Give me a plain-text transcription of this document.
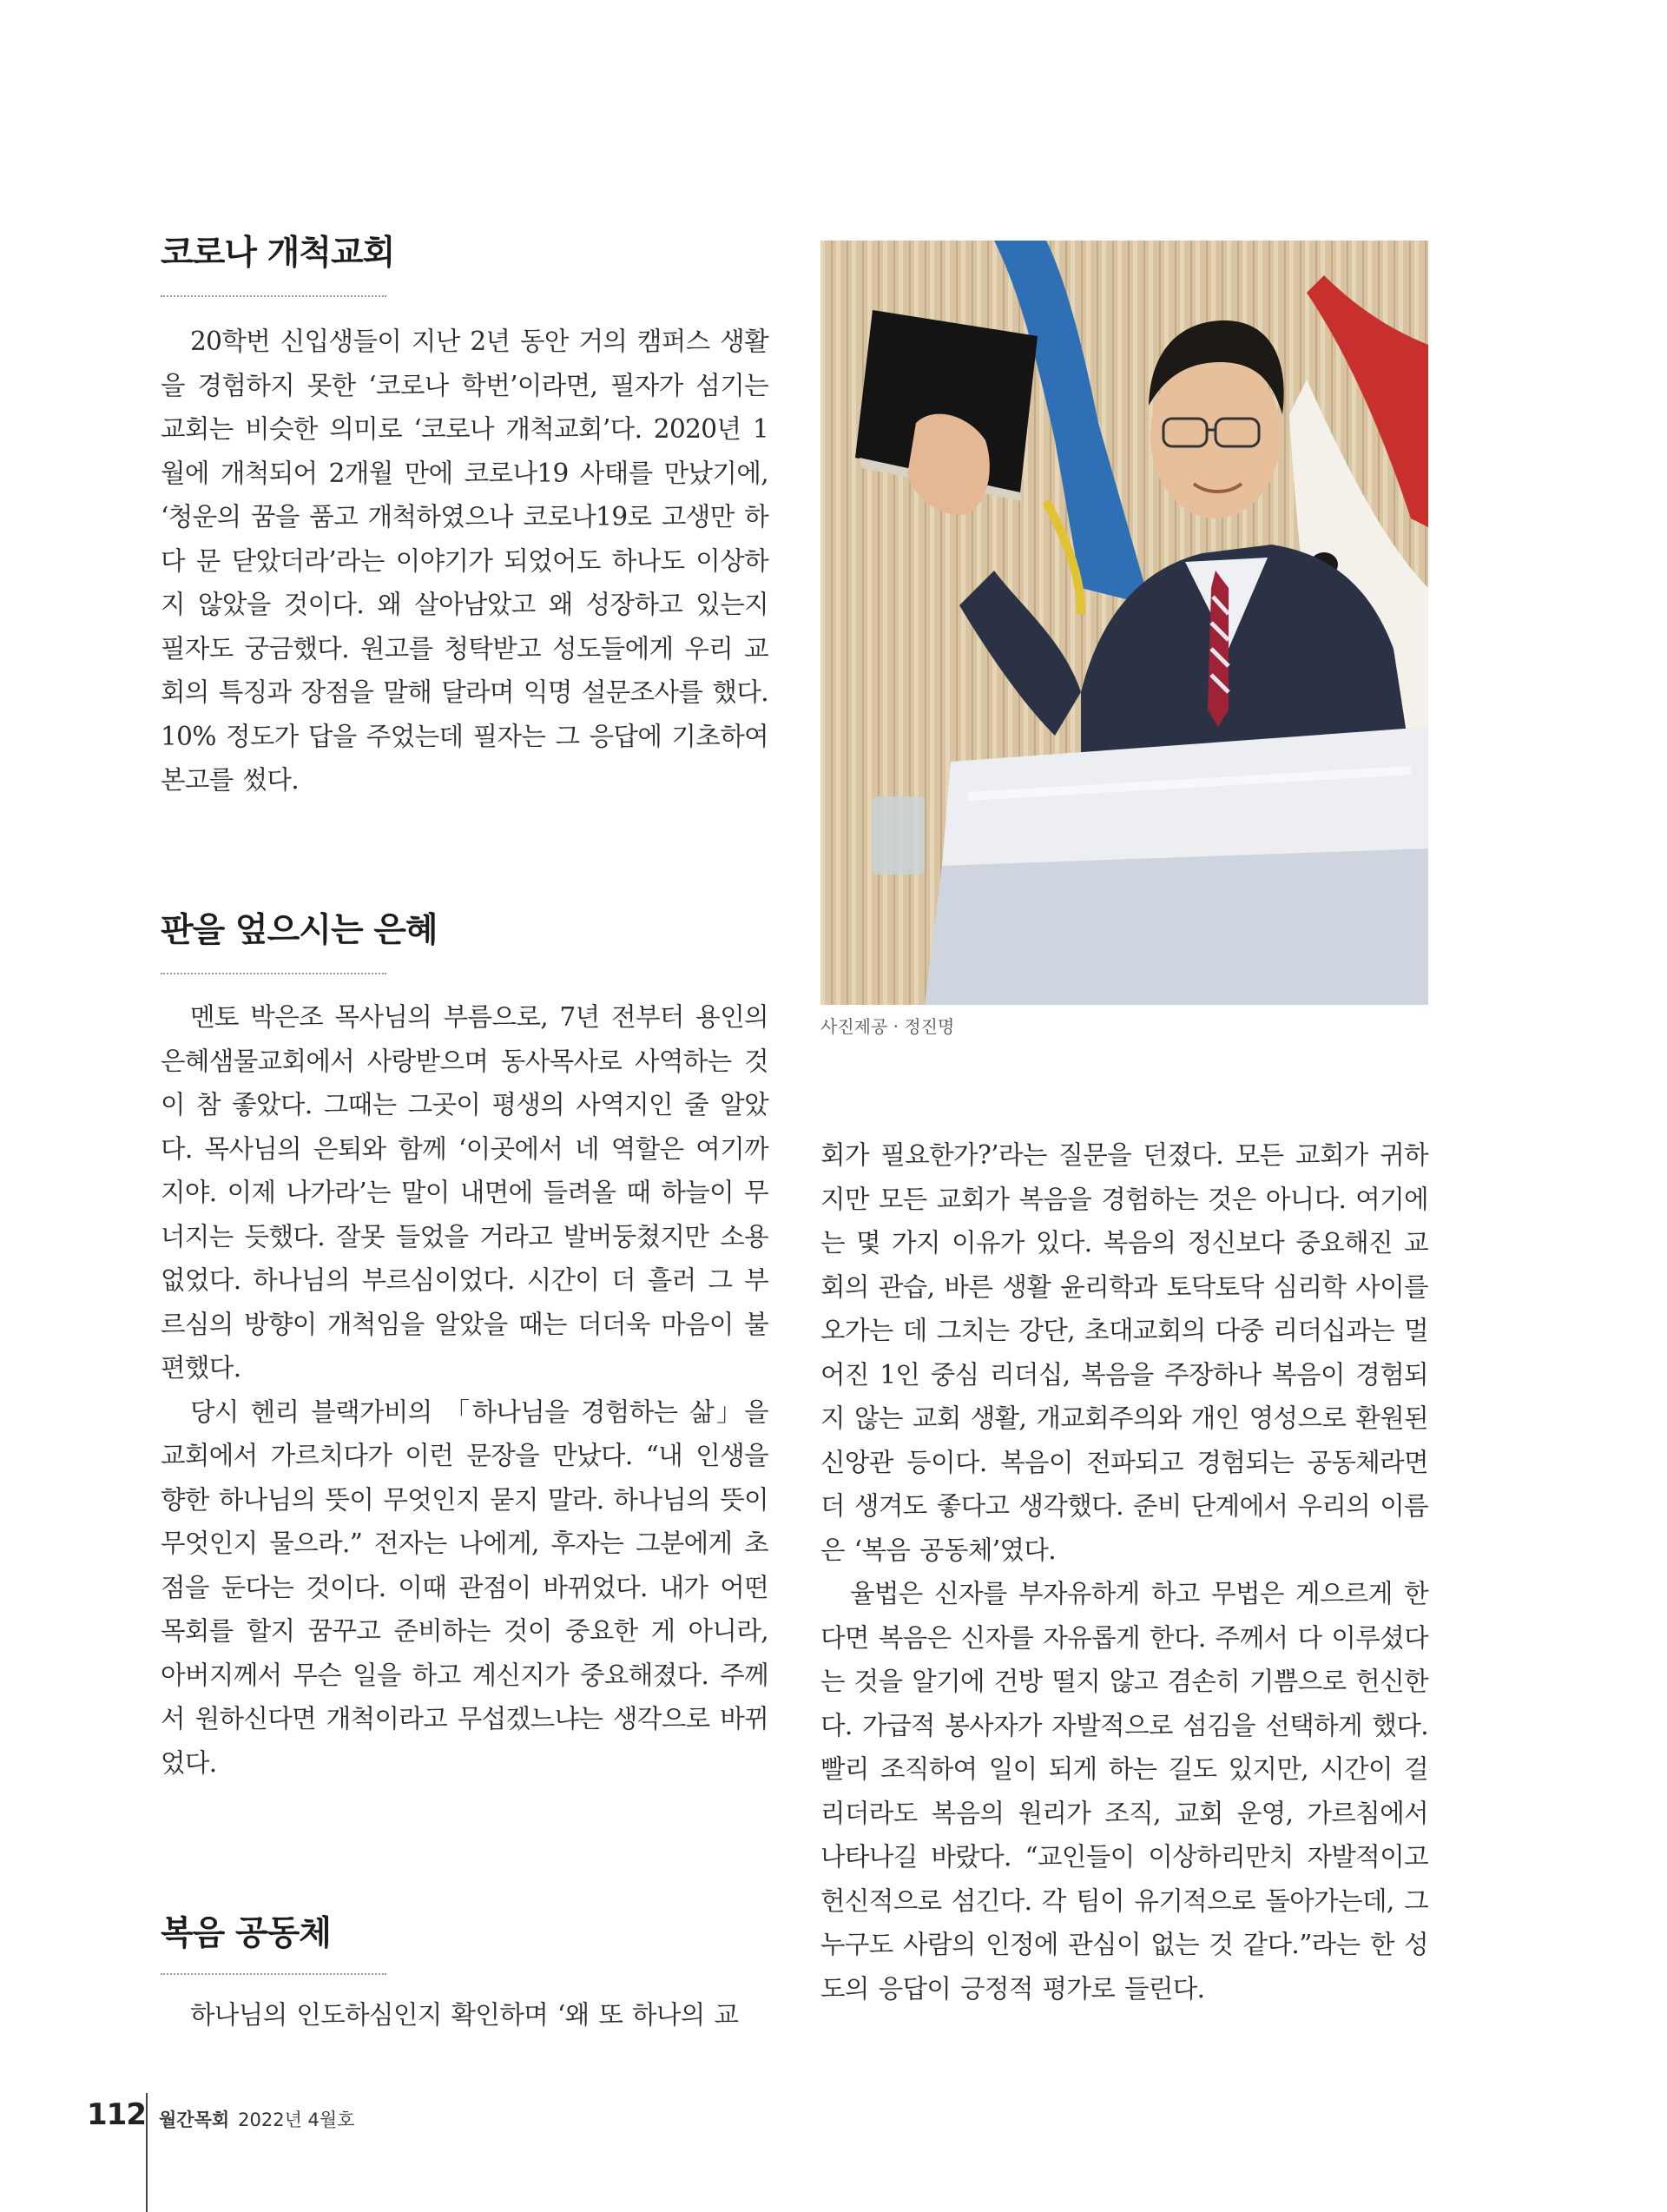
코로나 개척교회

20학번 신입생들이 지난 2년 동안 거의 캠퍼스 생활을 경험하지 못한 ‘코로나 학번’이라면, 필자가 섬기는 교회는 비슷한 의미로 ‘코로나 개척교회’다. 2020년 1월에 개척되어 2개월 만에 코로나19 사태를 만났기에, ‘청운의 꿈을 품고 개척하였으나 코로나19로 고생만 하다 문 닫았더라’라는 이야기가 되었어도 하나도 이상하지 않았을 것이다. 왜 살아남았고 왜 성장하고 있는지 필자도 궁금했다. 원고를 청탁받고 성도들에게 우리 교회의 특징과 장점을 말해 달라며 익명 설문조사를 했다. 10% 정도가 답을 주었는데 필자는 그 응답에 기초하여 본고를 썼다.

판을 엎으시는 은혜

멘토 박은조 목사님의 부름으로, 7년 전부터 용인의 은혜샘물교회에서 사랑받으며 동사목사로 사역하는 것이 참 좋았다. 그때는 그곳이 평생의 사역지인 줄 알았다. 목사님의 은퇴와 함께 ‘이곳에서 네 역할은 여기까지야. 이제 나가라’는 말이 내면에 들려올 때 하늘이 무너지는 듯했다. 잘못 들었을 거라고 발버둥쳤지만 소용없었다. 하나님의 부르심이었다. 시간이 더 흘러 그 부르심의 방향이 개척임을 알았을 때는 더더욱 마음이 불편했다.

당시 헨리 블랙가비의 「하나님을 경험하는 삶」을 교회에서 가르치다가 이런 문장을 만났다. “내 인생을 향한 하나님의 뜻이 무엇인지 묻지 말라. 하나님의 뜻이 무엇인지 물으라.” 전자는 나에게, 후자는 그분에게 초점을 둔다는 것이다. 이때 관점이 바뀌었다. 내가 어떤 목회를 할지 꿈꾸고 준비하는 것이 중요한 게 아니라, 아버지께서 무슨 일을 하고 계신지가 중요해졌다. 주께서 원하신다면 개척이라고 무섭겠느냐는 생각으로 바뀌었다.

복음 공동체

하나님의 인도하심인지 확인하며 ‘왜 또 하나의 교

회가 필요한가?’라는 질문을 던졌다. 모든 교회가 귀하지만 모든 교회가 복음을 경험하는 것은 아니다. 여기에는 몇 가지 이유가 있다. 복음의 정신보다 중요해진 교회의 관습, 바른 생활 윤리학과 토닥토닥 심리학 사이를 오가는 데 그치는 강단, 초대교회의 다중 리더십과는 멀어진 1인 중심 리더십, 복음을 주장하나 복음이 경험되지 않는 교회 생활, 개교회주의와 개인 영성으로 환원된 신앙관 등이다. 복음이 전파되고 경험되는 공동체라면 더 생겨도 좋다고 생각했다. 준비 단계에서 우리의 이름은 ‘복음 공동체’였다.

율법은 신자를 부자유하게 하고 무법은 게으르게 한다면 복음은 신자를 자유롭게 한다. 주께서 다 이루셨다는 것을 알기에 건방 떨지 않고 겸손히 기쁨으로 헌신한다. 가급적 봉사자가 자발적으로 섬김을 선택하게 했다. 빨리 조직하여 일이 되게 하는 길도 있지만, 시간이 걸리더라도 복음의 원리가 조직, 교회 운영, 가르침에서 나타나길 바랐다. “교인들이 이상하리만치 자발적이고 헌신적으로 섬긴다. 각 팀이 유기적으로 돌아가는데, 그 누구도 사람의 인정에 관심이 없는 것 같다.”라는 한 성도의 응답이 긍정적 평가로 들린다.

사진제공 · 정진명
112 월간목회 2022년 4월호
